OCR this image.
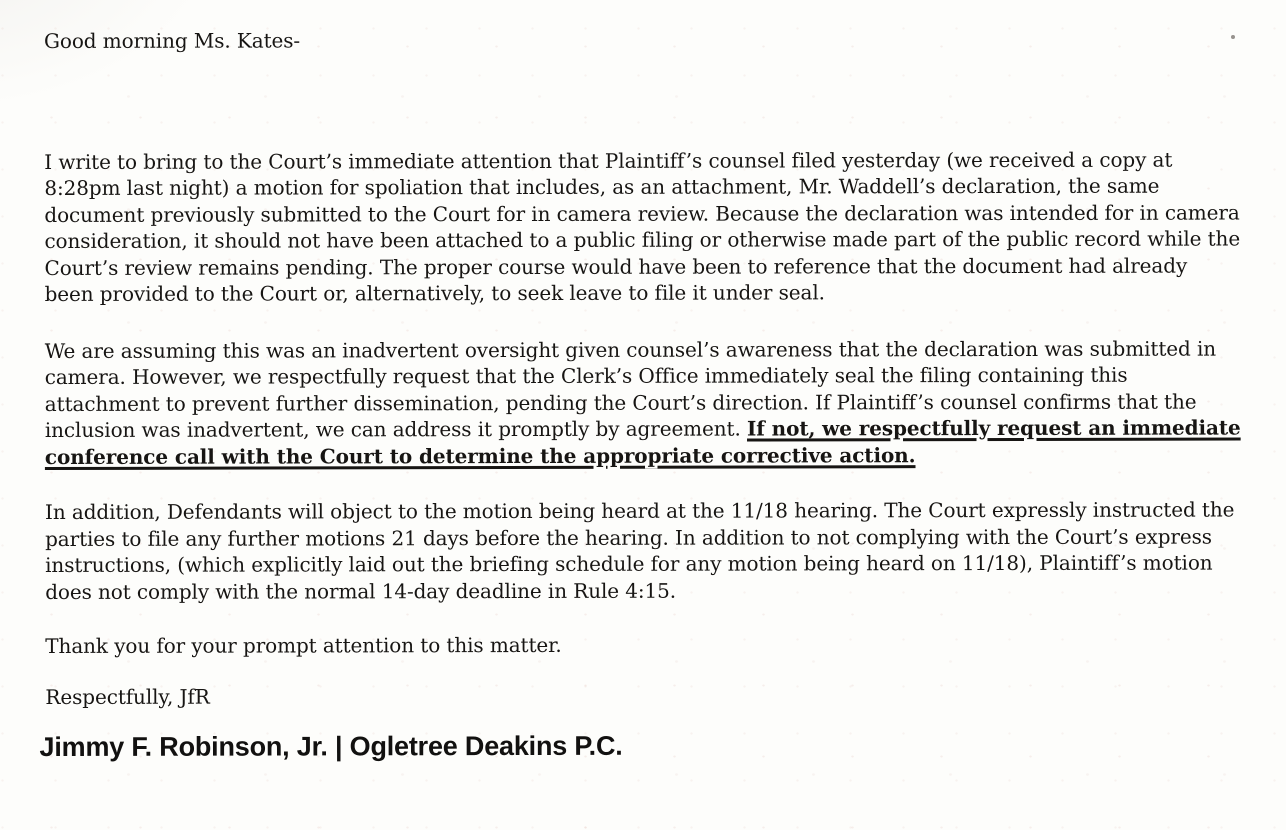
Good morning Ms. Kates-

I write to bring to the Court’s immediate attention that Plaintiff’s counsel filed yesterday (we received a copy at 8:28pm last night) a motion for spoliation that includes, as an attachment, Mr. Waddell’s declaration, the same document previously submitted to the Court for in camera review. Because the declaration was intended for in camera consideration, it should not have been attached to a public filing or otherwise made part of the public record while the Court’s review remains pending. The proper course would have been to reference that the document had already been provided to the Court or, alternatively, to seek leave to file it under seal.

We are assuming this was an inadvertent oversight given counsel’s awareness that the declaration was submitted in camera. However, we respectfully request that the Clerk’s Office immediately seal the filing containing this attachment to prevent further dissemination, pending the Court’s direction. If Plaintiff’s counsel confirms that the inclusion was inadvertent, we can address it promptly by agreement. If not, we respectfully request an immediate conference call with the Court to determine the appropriate corrective action.

In addition, Defendants will object to the motion being heard at the 11/18 hearing. The Court expressly instructed the parties to file any further motions 21 days before the hearing. In addition to not complying with the Court’s express instructions, (which explicitly laid out the briefing schedule for any motion being heard on 11/18), Plaintiff’s motion does not comply with the normal 14-day deadline in Rule 4:15.

Thank you for your prompt attention to this matter.

Respectfully, JfR

Jimmy F. Robinson, Jr. | Ogletree Deakins P.C.
